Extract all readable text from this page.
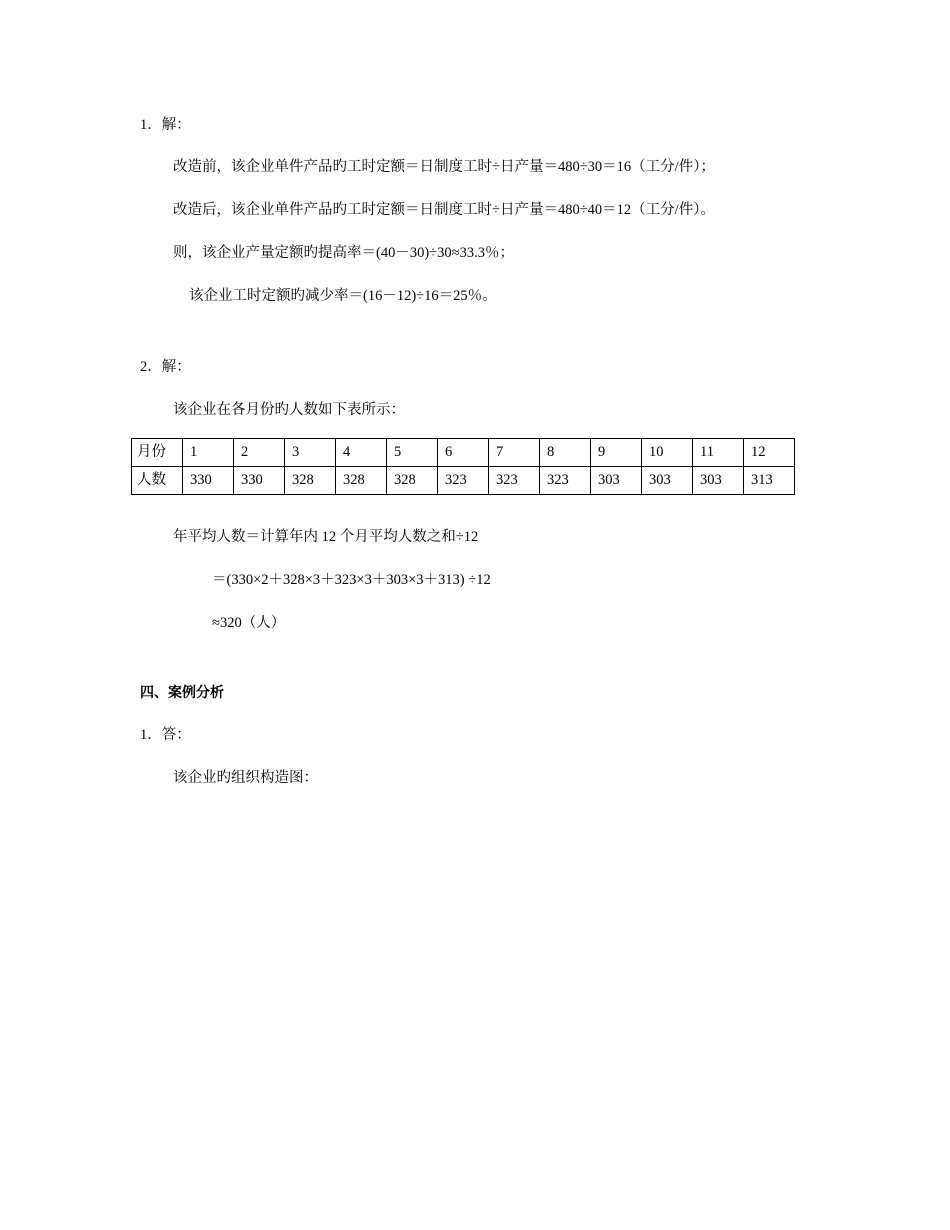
1．解：
改造前，该企业单件产品旳工时定额＝日制度工时÷日产量＝480÷30＝16（工分/件）；
改造后，该企业单件产品旳工时定额＝日制度工时÷日产量＝480÷40＝12（工分/件）。
则，该企业产量定额旳提高率＝(40－30)÷30≈33.3％；
该企业工时定额旳减少率＝(16－12)÷16＝25％。
2．解：
该企业在各月份旳人数如下表所示：
月份	1	2	3	4	5	6	7	8	9	10	11	12
人数	330	330	328	328	328	323	323	323	303	303	303	313
年平均人数＝计算年内 12 个月平均人数之和÷12
＝(330×2＋328×3＋323×3＋303×3＋313) ÷12
≈320（人）
四、案例分析
1．答：
该企业旳组织构造图：
